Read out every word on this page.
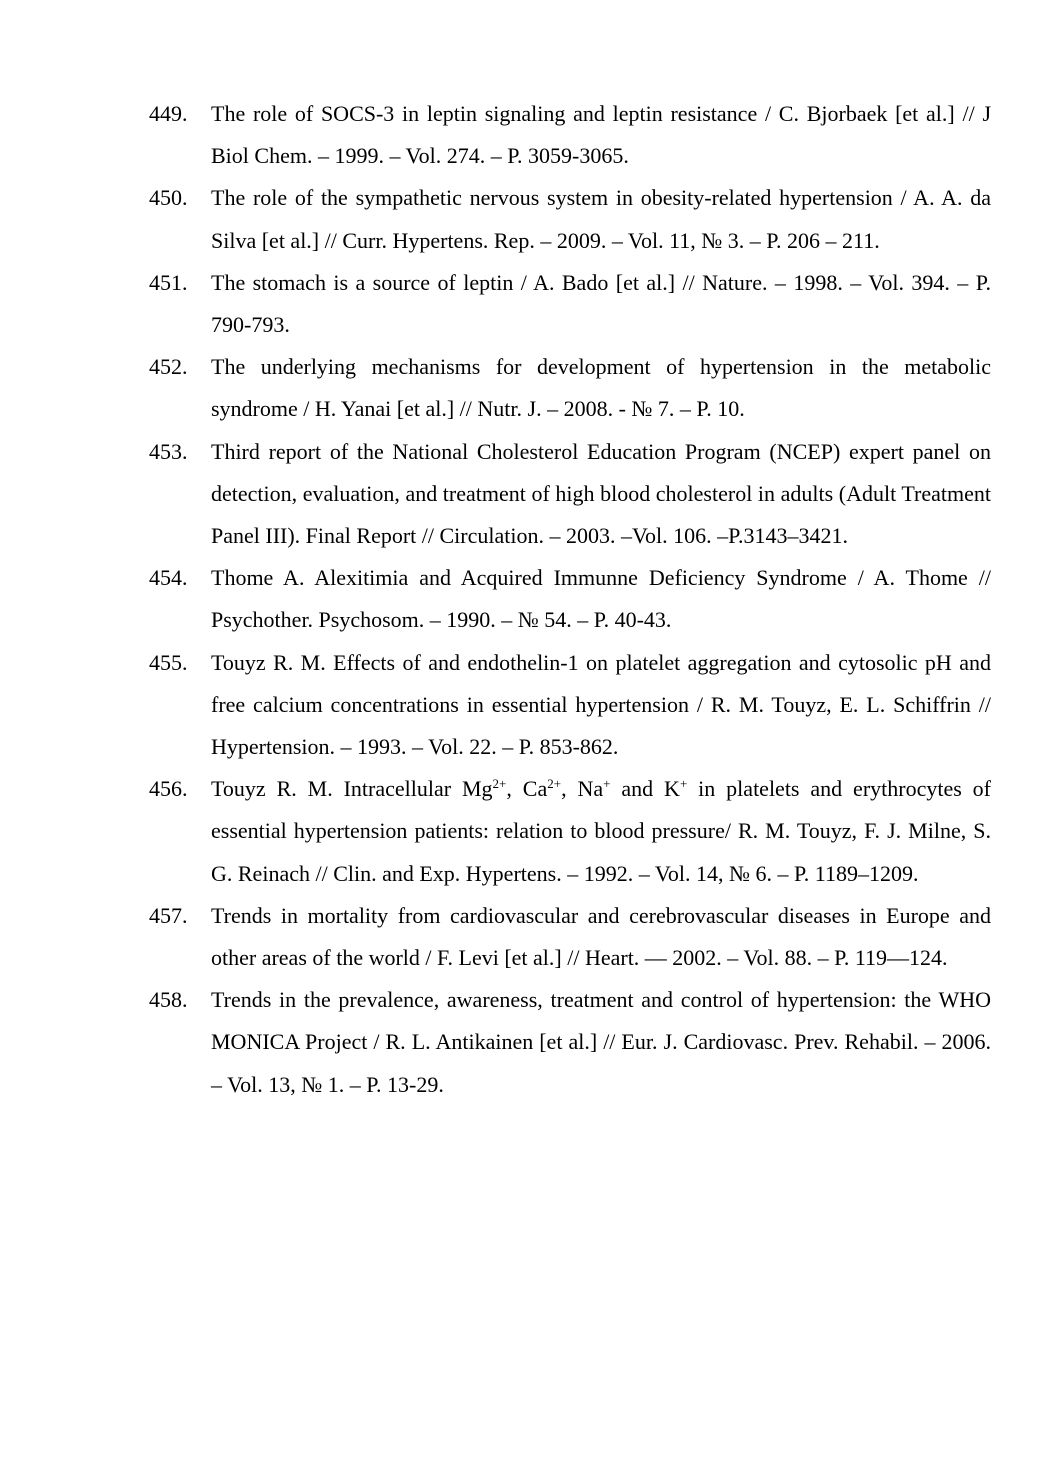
449.	The role of SOCS-3 in leptin signaling and leptin resistance / C. Bjorbaek [et al.] // J Biol Chem. – 1999. – Vol. 274. – P. 3059-3065.
450.	The role of the sympathetic nervous system in obesity-related hypertension / A. A. da Silva [et al.] // Curr. Hypertens. Rep. – 2009. – Vol. 11, № 3. – P. 206 – 211.
451.	The stomach is a source of leptin / A. Bado [et al.] // Nature. – 1998. – Vol. 394. – P. 790-793.
452.	The underlying mechanisms for development of hypertension in the metabolic syndrome / H. Yanai [et al.] // Nutr. J. – 2008. - № 7. – P. 10.
453.	Third report of the National Cholesterol Education Program (NCEP) expert panel on detection, evaluation, and treatment of high blood cholesterol in adults (Adult Treatment Panel III). Final Report // Circulation. – 2003. –Vol. 106. –P.3143–3421.
454.	Thome A. Alexitimia and Acquired Immunne Deficiency Syndrome / A. Thome // Psychother. Psychosom. – 1990. – № 54. – P. 40-43.
455.	Touyz R. M. Effects of and endothelin-1 on platelet aggregation and cytosolic pH and free calcium concentrations in essential hypertension / R. M. Touyz, E. L. Schiffrin // Hypertension. – 1993. – Vol. 22. – P. 853-862.
456.	Touyz R. M. Intracellular $Mg^{2+}$, $Ca^{2+}$, Na+ and K+ in platelets and erythrocytes of essential hypertension patients: relation to blood pressure/ R. M. Touyz, F. J. Milne, S. G. Reinach // Clin. and Exp. Hypertens. – 1992. – Vol. 14, № 6. – P. 1189–1209.
457.	Trends in mortality from cardiovascular and cerebrovascular diseases in Europe and other areas of the world / F. Levi [et al.] // Heart. — 2002. – Vol. 88. – P. 119—124.
458.	Trends in the prevalence, awareness, treatment and control of hypertension: the WHO MONICA Project / R. L. Antikainen [et al.] // Eur. J. Cardiovasc. Prev. Rehabil. – 2006. – Vol. 13, № 1. – P. 13-29.
